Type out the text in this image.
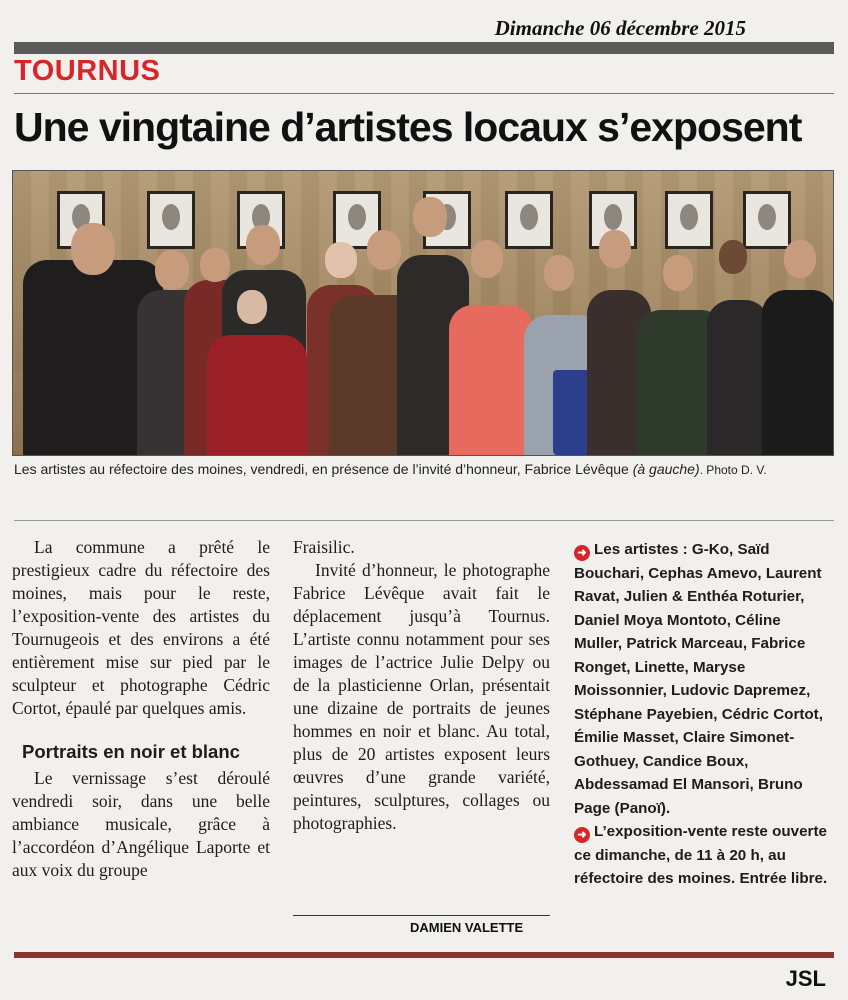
Dimanche 06 décembre 2015
TOURNUS
Une vingtaine d’artistes locaux s’exposent
Les artistes au réfectoire des moines, vendredi, en présence de l’invité d’honneur, Fabrice Lévêque (à gauche). Photo D. V.

La commune a prêté le prestigieux cadre du réfectoire des moines, mais pour le reste, l’exposition-vente des artistes du Tournugeois et des environs a été entièrement mise sur pied par le sculpteur et photographe Cédric Cortot, épaulé par quelques amis.

Portraits en noir et blanc

Le vernissage s’est déroulé vendredi soir, dans une belle ambiance musicale, grâce à l’accordéon d’Angélique Laporte et aux voix du groupe

Fraisilic.

Invité d’honneur, le photographe Fabrice Lévêque avait fait le déplacement jusqu’à Tournus. L’artiste connu notamment pour ses images de l’actrice Julie Delpy ou de la plasticienne Orlan, présentait une dizaine de portraits de jeunes hommes en noir et blanc. Au total, plus de 20 artistes exposent leurs œuvres d’une grande variété, peintures, sculptures, collages ou photographies.

DAMIEN VALETTE

➜ Les artistes : G-Ko, Saïd Bouchari, Cephas Amevo, Laurent Ravat, Julien & Enthéa Roturier, Daniel Moya Montoto, Céline Muller, Patrick Marceau, Fabrice Ronget, Linette, Maryse Moissonnier, Ludovic Dapremez, Stéphane Payebien, Cédric Cortot, Émilie Masset, Claire Simonet-Gothuey, Candice Boux, Abdessamad El Mansori, Bruno Page (Panoï).

➜ L’exposition-vente reste ouverte ce dimanche, de 11 à 20 h, au réfectoire des moines. Entrée libre.

JSL
